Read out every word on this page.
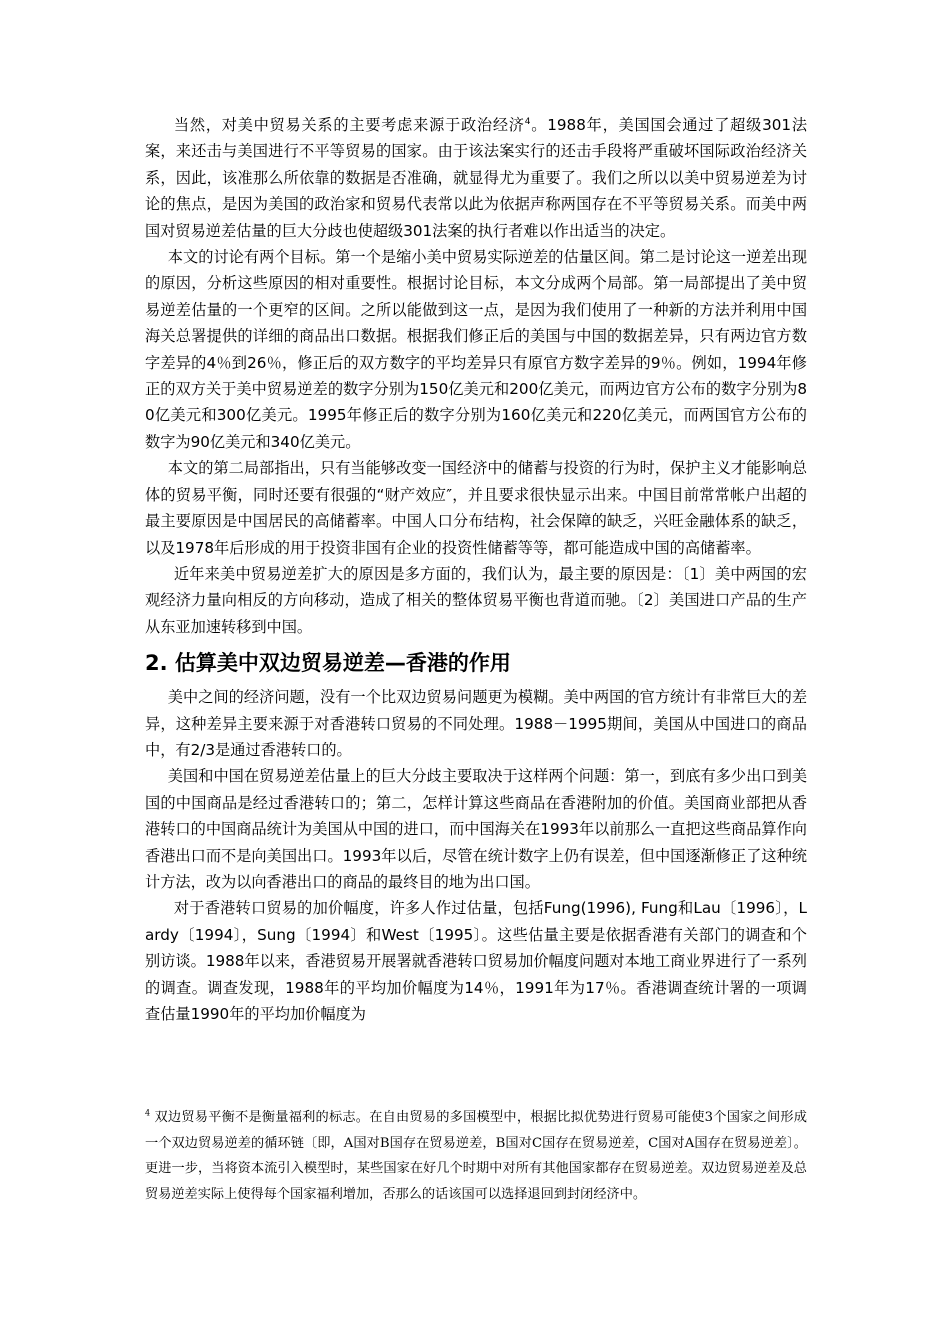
当然，对美中贸易关系的主要考虑来源于政治经济$^4$。1988年，美国国会通过了超级301法案，来还击与美国进行不平等贸易的国家。由于该法案实行的还击手段将严重破坏国际政治经济关系，因此，该准那么所依靠的数据是否准确，就显得尤为重要了。我们之所以以美中贸易逆差为讨论的焦点，是因为美国的政治家和贸易代表常以此为依据声称两国存在不平等贸易关系。而美中两国对贸易逆差估量的巨大分歧也使超级301法案的执行者难以作出适当的决定。

本文的讨论有两个目标。第一个是缩小美中贸易实际逆差的估量区间。第二是讨论这一逆差出现的原因，分析这些原因的相对重要性。根据讨论目标，本文分成两个局部。第一局部提出了美中贸易逆差估量的一个更窄的区间。之所以能做到这一点，是因为我们使用了一种新的方法并利用中国海关总署提供的详细的商品出口数据。根据我们修正后的美国与中国的数据差异，只有两边官方数字差异的4％到26％，修正后的双方数字的平均差异只有原官方数字差异的9％。例如，1994年修正的双方关于美中贸易逆差的数字分别为150亿美元和200亿美元，而两边官方公布的数字分别为80亿美元和300亿美元。1995年修正后的数字分别为160亿美元和220亿美元，而两国官方公布的数字为90亿美元和340亿美元。

本文的第二局部指出，只有当能够改变一国经济中的储蓄与投资的行为时，保护主义才能影响总体的贸易平衡，同时还要有很强的“财产效应″，并且要求很快显示出来。中国目前常常帐户出超的最主要原因是中国居民的高储蓄率。中国人口分布结构，社会保障的缺乏，兴旺金融体系的缺乏，以及1978年后形成的用于投资非国有企业的投资性储蓄等等，都可能造成中国的高储蓄率。

近年来美中贸易逆差扩大的原因是多方面的，我们认为，最主要的原因是：〔1〕美中两国的宏观经济力量向相反的方向移动，造成了相关的整体贸易平衡也背道而驰。〔2〕美国进口产品的生产从东亚加速转移到中国。

2. 估算美中双边贸易逆差—香港的作用

美中之间的经济问题，没有一个比双边贸易问题更为模糊。美中两国的官方统计有非常巨大的差异，这种差异主要来源于对香港转口贸易的不同处理。1988－1995期间，美国从中国进口的商品中，有2/3是通过香港转口的。

美国和中国在贸易逆差估量上的巨大分歧主要取决于这样两个问题：第一，到底有多少出口到美国的中国商品是经过香港转口的；第二，怎样计算这些商品在香港附加的价值。美国商业部把从香港转口的中国商品统计为美国从中国的进口，而中国海关在1993年以前那么一直把这些商品算作向香港出口而不是向美国出口。1993年以后，尽管在统计数字上仍有误差，但中国逐渐修正了这种统计方法，改为以向香港出口的商品的最终目的地为出口国。

对于香港转口贸易的加价幅度，许多人作过估量，包括Fung(1996), Fung和Lau〔1996〕，Lardy〔1994〕，Sung〔1994〕和West〔1995〕。这些估量主要是依据香港有关部门的调查和个别访谈。1988年以来，香港贸易开展署就香港转口贸易加价幅度问题对本地工商业界进行了一系列的调查。调查发现，1988年的平均加价幅度为14％，1991年为17％。香港调查统计署的一项调查估量1990年的平均加价幅度为

$^4$ 双边贸易平衡不是衡量福利的标志。在自由贸易的多国模型中，根据比拟优势进行贸易可能使3个国家之间形成一个双边贸易逆差的循环链〔即，A国对B国存在贸易逆差，B国对C国存在贸易逆差，C国对A国存在贸易逆差〕。更进一步，当将资本流引入模型时，某些国家在好几个时期中对所有其他国家都存在贸易逆差。双边贸易逆差及总贸易逆差实际上使得每个国家福利增加，否那么的话该国可以选择退回到封闭经济中。
